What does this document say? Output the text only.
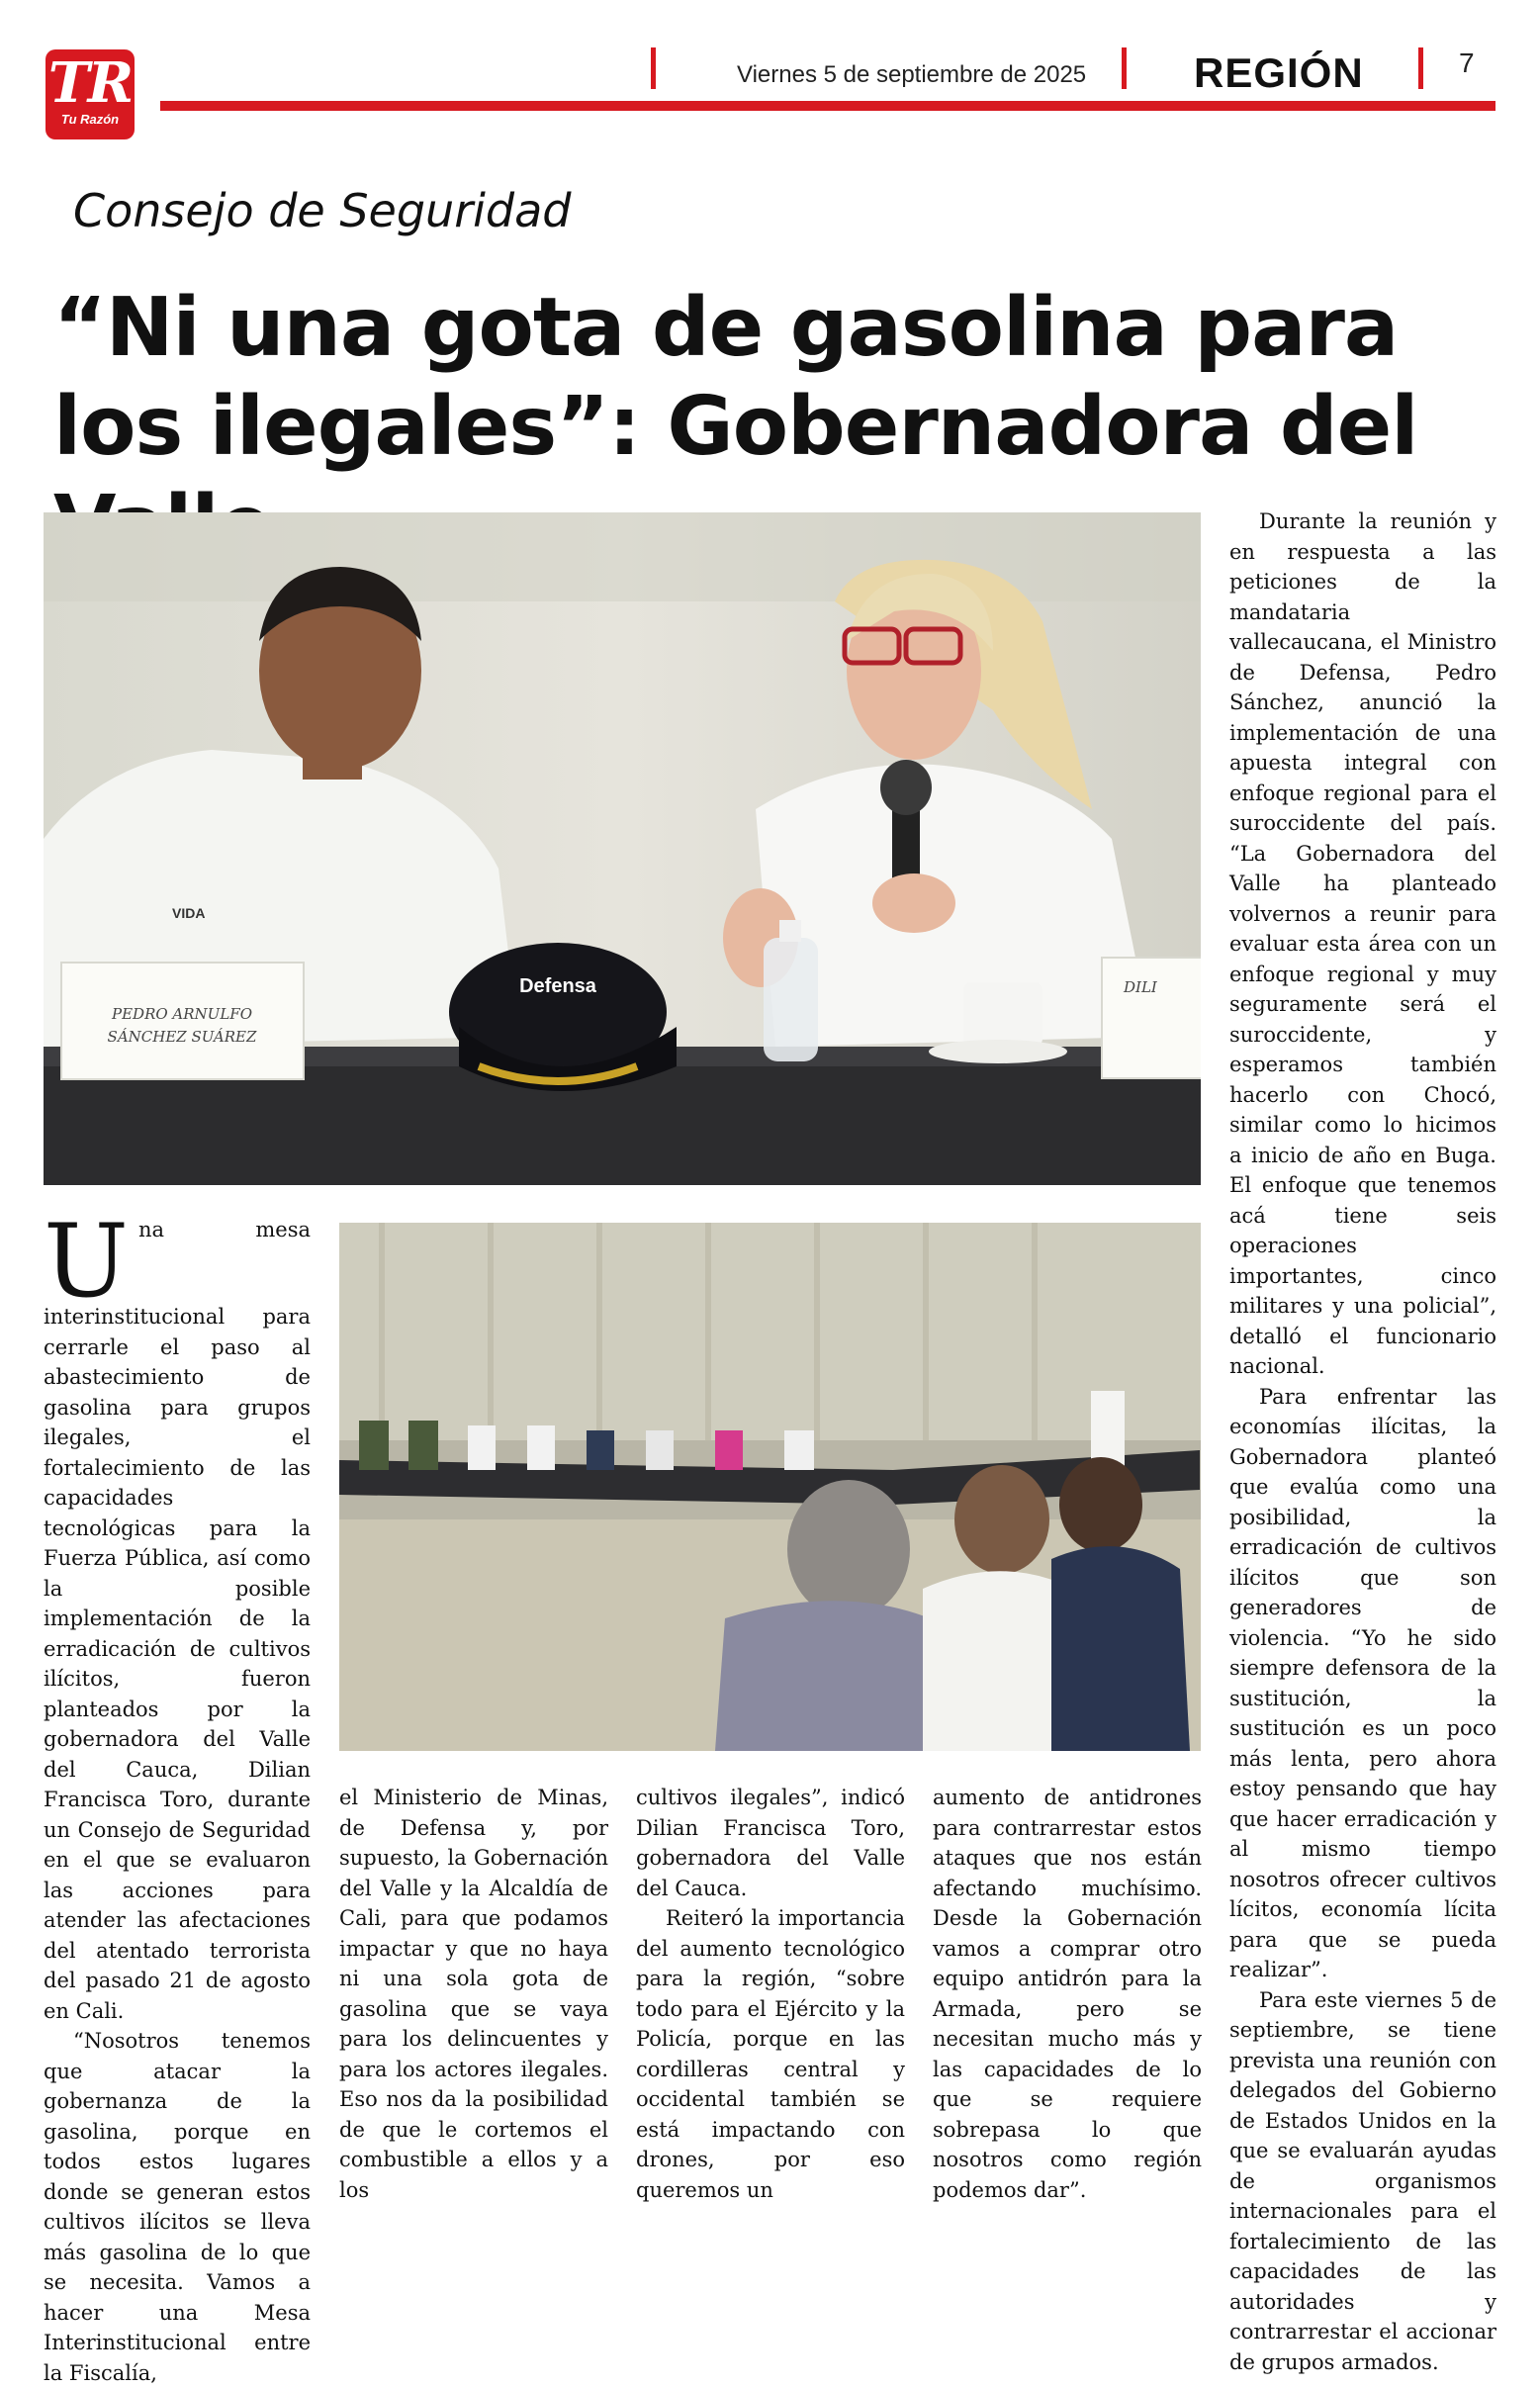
TR
Tu Razón
Viernes 5 de septiembre de 2025	REGIÓN	7
Consejo de Seguridad
“Ni una gota de gasolina para los ilegales”: Gobernadora del
VIDA
PEDRO ARNULFO
SÁNCHEZ SUÁREZ
Defensa	DILI

Una mesa interinstitucional para cerrarle el paso al abastecimiento de gasolina para grupos ilegales, el fortalecimiento de las capacidades tecnológicas para la Fuerza Pública, así como la posible implementación de la erradicación de cultivos ilícitos, fueron planteados por la gobernadora del Valle del Cauca, Dilian Francisca Toro, durante un Consejo de Seguridad en el que se evaluaron las acciones para atender las afectaciones del atentado terrorista del pasado 21 de agosto en Cali.

“Nosotros tenemos que atacar la gobernanza de la gasolina, porque en todos estos lugares donde se generan estos cultivos ilícitos se lleva más gasolina de lo que se necesita. Vamos a hacer una Mesa Interinstitucional entre la Fiscalía,

el Ministerio de Minas, de Defensa y, por supuesto, la Gobernación del Valle y la Alcaldía de Cali, para que podamos impactar y que no haya ni una sola gota de gasolina que se vaya para los delincuentes y para los actores ilegales. Eso nos da la posibilidad de que le cortemos el combustible a ellos y a los

cultivos ilegales”, indicó Dilian Francisca Toro, gobernadora del Valle del Cauca.

Reiteró la importancia del aumento tecnológico para la región, “sobre todo para el Ejército y la Policía, porque en las cordilleras central y occidental también se está impactando con drones, por eso queremos un

aumento de antidrones para contrarrestar estos ataques que nos están afectando muchísimo. Desde la Gobernación vamos a comprar otro equipo antidrón para la Armada, pero se necesitan mucho más y las capacidades de lo que se requiere sobrepasa lo que nosotros como región podemos dar”.

Durante la reunión y en respuesta a las peticiones de la mandataria vallecaucana, el Ministro de Defensa, Pedro Sánchez, anunció la implementación de una apuesta integral con enfoque regional para el suroccidente del país. “La Gobernadora del Valle ha planteado volvernos a reunir para evaluar esta área con un enfoque regional y muy seguramente será el suroccidente, y esperamos también hacerlo con Chocó, similar como lo hicimos a inicio de año en Buga. El enfoque que tenemos acá tiene seis operaciones importantes, cinco militares y una policial”, detalló el funcionario nacional.

Para enfrentar las economías ilícitas, la Gobernadora planteó que evalúa como una posibilidad, la erradicación de cultivos ilícitos que son generadores de violencia. “Yo he sido siempre defensora de la sustitución, la sustitución es un poco más lenta, pero ahora estoy pensando que hay que hacer erradicación y al mismo tiempo nosotros ofrecer cultivos lícitos, economía lícita para que se pueda realizar”.

Para este viernes 5 de septiembre, se tiene prevista una reunión con delegados del Gobierno de Estados Unidos en la que se evaluarán ayudas de organismos internacionales para el fortalecimiento de las capacidades de las autoridades y contrarrestar el accionar de grupos armados.
